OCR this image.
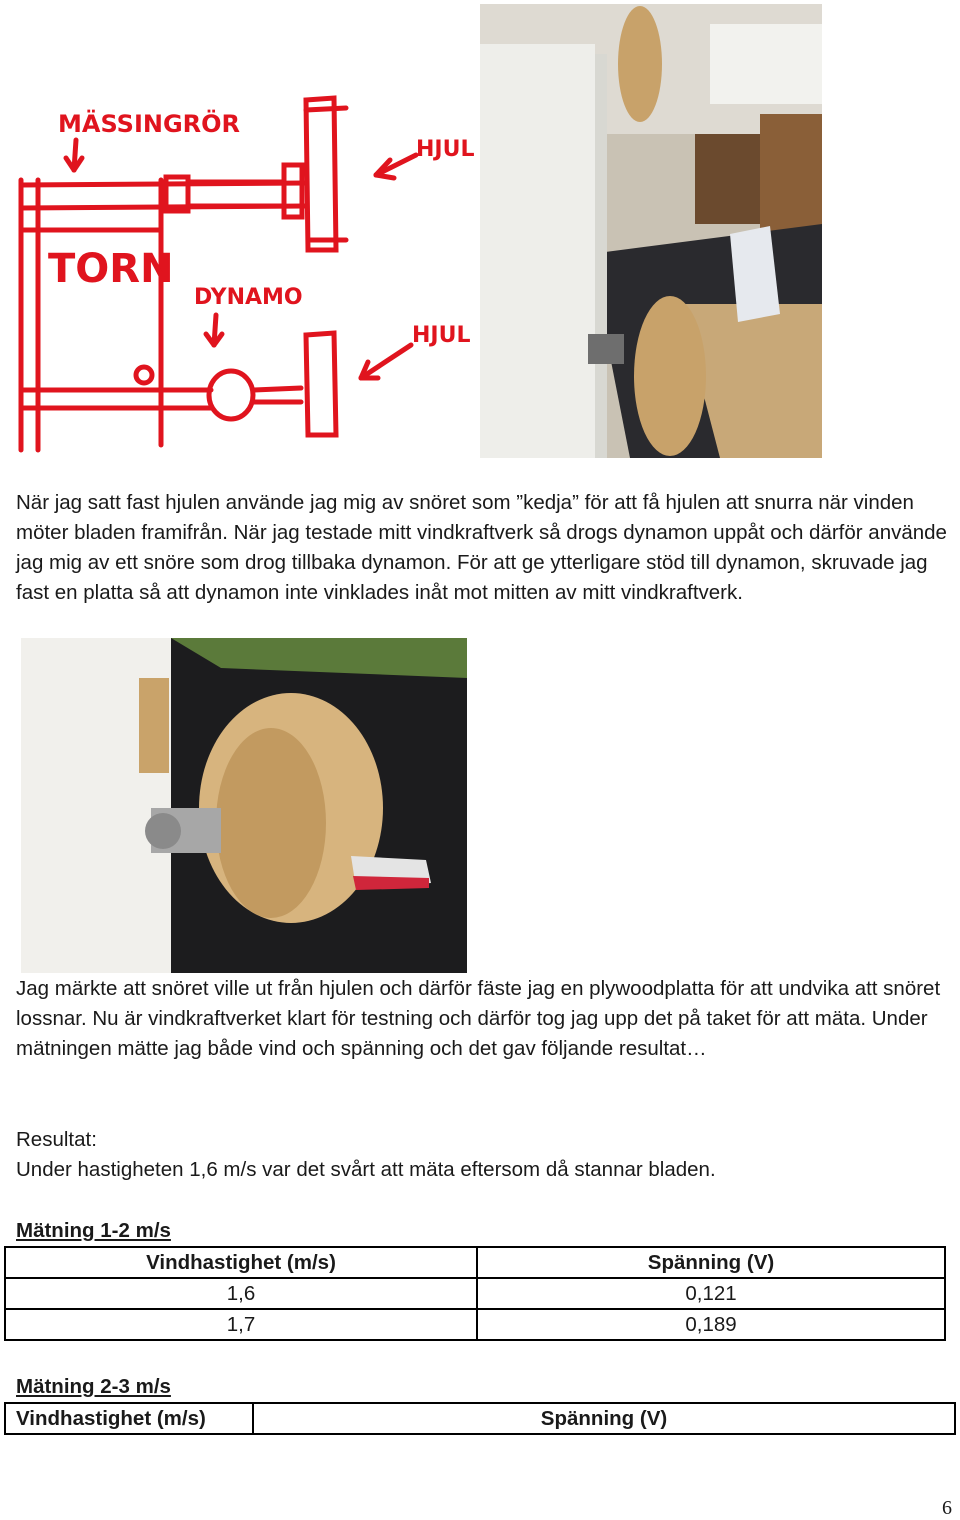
MÄSSINGRÖR
HJUL
TORN
DYNAMO
HJUL

När jag satt fast hjulen använde jag mig av snöret som ”kedja” för att få hjulen att snurra när vinden möter bladen framifrån. När jag testade mitt vindkraftverk så drogs dynamon uppåt och därför använde jag mig av ett snöre som drog tillbaka dynamon. För att ge ytterligare stöd till dynamon, skruvade jag fast en platta så att dynamon inte vinklades inåt mot mitten av mitt vindkraftverk.

Jag märkte att snöret ville ut från hjulen och därför fäste jag en plywoodplatta för att undvika att snöret lossnar. Nu är vindkraftverket klart för testning och därför tog jag upp det på taket för att mäta. Under mätningen mätte jag både vind och spänning och det gav följande resultat…

Resultat:

Under hastigheten 1,6 m/s var det svårt att mäta eftersom då stannar bladen.

Mätning 1-2 m/s

Vindhastighet (m/s)	Spänning (V)
1,6	0,121
1,7	0,189

Mätning 2-3 m/s

Vindhastighet (m/s)	Spänning (V)
6
